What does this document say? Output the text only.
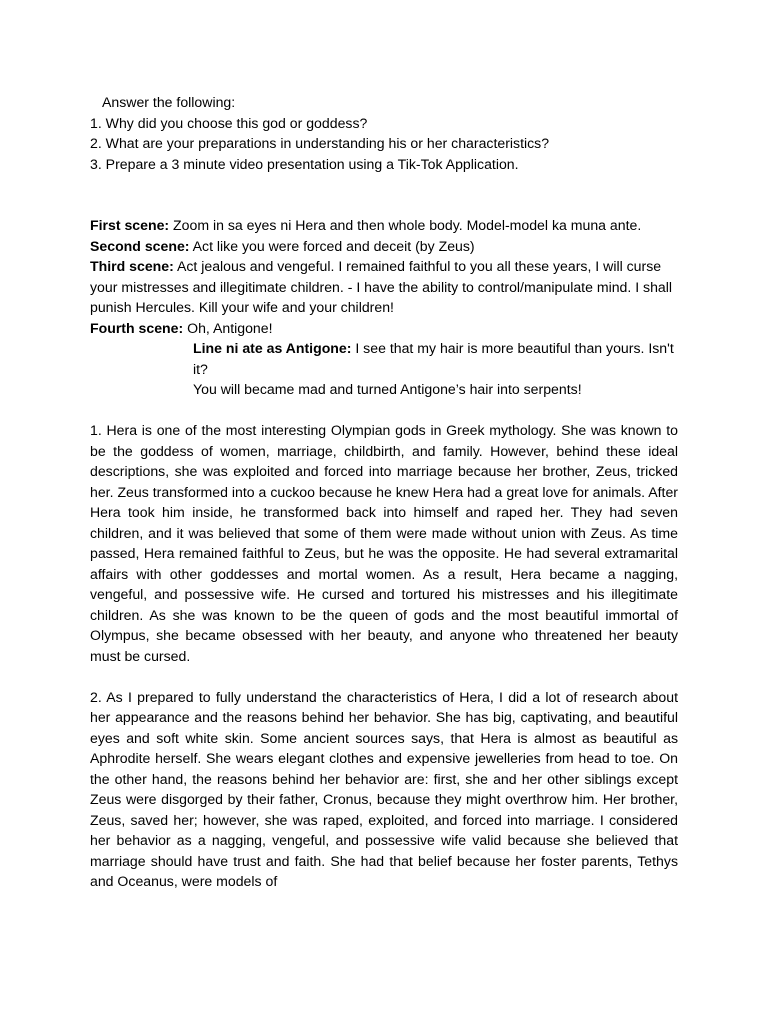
Answer the following:
1. Why did you choose this god or goddess?
2. What are your preparations in understanding his or her characteristics?
3. Prepare a 3 minute video presentation using a Tik-Tok Application.
First scene: Zoom in sa eyes ni Hera and then whole body. Model-model ka muna ante.
Second scene: Act like you were forced and deceit (by Zeus)
Third scene: Act jealous and vengeful. I remained faithful to you all these years, I will curse your mistresses and illegitimate children. - I have the ability to control/manipulate mind. I shall punish Hercules. Kill your wife and your children!
Fourth scene: Oh, Antigone!
Line ni ate as Antigone: I see that my hair is more beautiful than yours. Isn't it?
You will became mad and turned Antigone’s hair into serpents!

1. Hera is one of the most interesting Olympian gods in Greek mythology. She was known to be the goddess of women, marriage, childbirth, and family. However, behind these ideal descriptions, she was exploited and forced into marriage because her brother, Zeus, tricked her. Zeus transformed into a cuckoo because he knew Hera had a great love for animals. After Hera took him inside, he transformed back into himself and raped her. They had seven children, and it was believed that some of them were made without union with Zeus. As time passed, Hera remained faithful to Zeus, but he was the opposite. He had several extramarital affairs with other goddesses and mortal women. As a result, Hera became a nagging, vengeful, and possessive wife. He cursed and tortured his mistresses and his illegitimate children. As she was known to be the queen of gods and the most beautiful immortal of Olympus, she became obsessed with her beauty, and anyone who threatened her beauty must be cursed.

2. As I prepared to fully understand the characteristics of Hera, I did a lot of research about her appearance and the reasons behind her behavior. She has big, captivating, and beautiful eyes and soft white skin. Some ancient sources says, that Hera is almost as beautiful as Aphrodite herself. She wears elegant clothes and expensive jewelleries from head to toe. On the other hand, the reasons behind her behavior are: first, she and her other siblings except Zeus were disgorged by their father, Cronus, because they might overthrow him. Her brother, Zeus, saved her; however, she was raped, exploited, and forced into marriage. I considered her behavior as a nagging, vengeful, and possessive wife valid because she believed that marriage should have trust and faith. She had that belief because her foster parents, Tethys and Oceanus, were models of
